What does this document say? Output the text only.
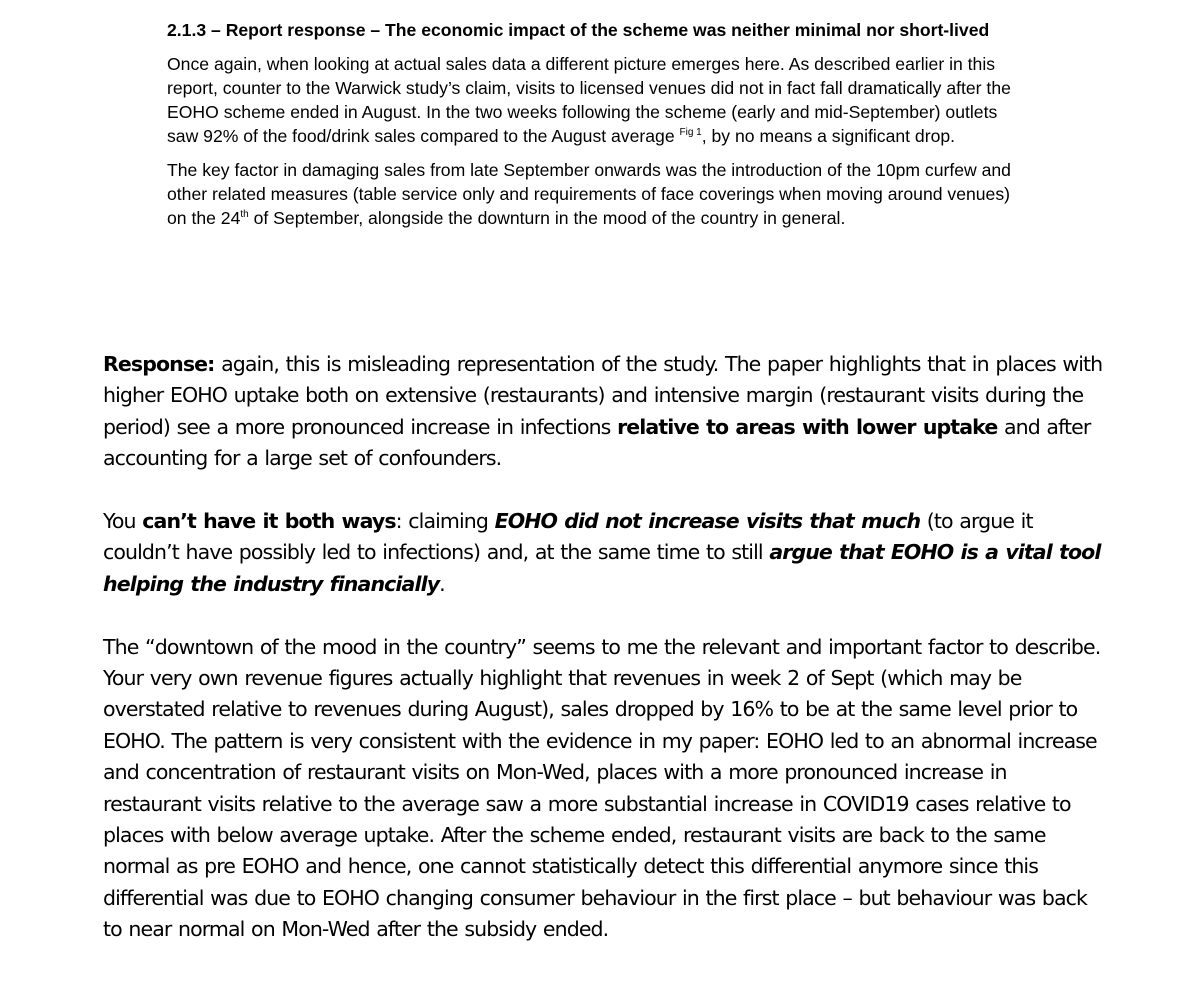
2.1.3 – Report response – The economic impact of the scheme was neither minimal nor short-lived

Once again, when looking at actual sales data a different picture emerges here. As described earlier in this report, counter to the Warwick study’s claim, visits to licensed venues did not in fact fall dramatically after the EOHO scheme ended in August. In the two weeks following the scheme (early and mid-September) outlets saw 92% of the food/drink sales compared to the August average $^{Fig 1}$, by no means a significant drop.

The key factor in damaging sales from late September onwards was the introduction of the 10pm curfew and other related measures (table service only and requirements of face coverings when moving around venues) on the 24th of September, alongside the downturn in the mood of the country in general.

Response: again, this is misleading representation of the study. The paper highlights that in places with higher EOHO uptake both on extensive (restaurants) and intensive margin (restaurant visits during the period) see a more pronounced increase in infections relative to areas with lower uptake and after accounting for a large set of confounders.

You can’t have it both ways: claiming EOHO did not increase visits that much (to argue it couldn’t have possibly led to infections) and, at the same time to still argue that EOHO is a vital tool helping the industry financially.

The “downtown of the mood in the country” seems to me the relevant and important factor to describe. Your very own revenue figures actually highlight that revenues in week 2 of Sept (which may be overstated relative to revenues during August), sales dropped by 16% to be at the same level prior to EOHO. The pattern is very consistent with the evidence in my paper: EOHO led to an abnormal increase and concentration of restaurant visits on Mon-Wed, places with a more pronounced increase in restaurant visits relative to the average saw a more substantial increase in COVID19 cases relative to places with below average uptake. After the scheme ended, restaurant visits are back to the same normal as pre EOHO and hence, one cannot statistically detect this differential anymore since this differential was due to EOHO changing consumer behaviour in the first place – but behaviour was back to near normal on Mon-Wed after the subsidy ended.
